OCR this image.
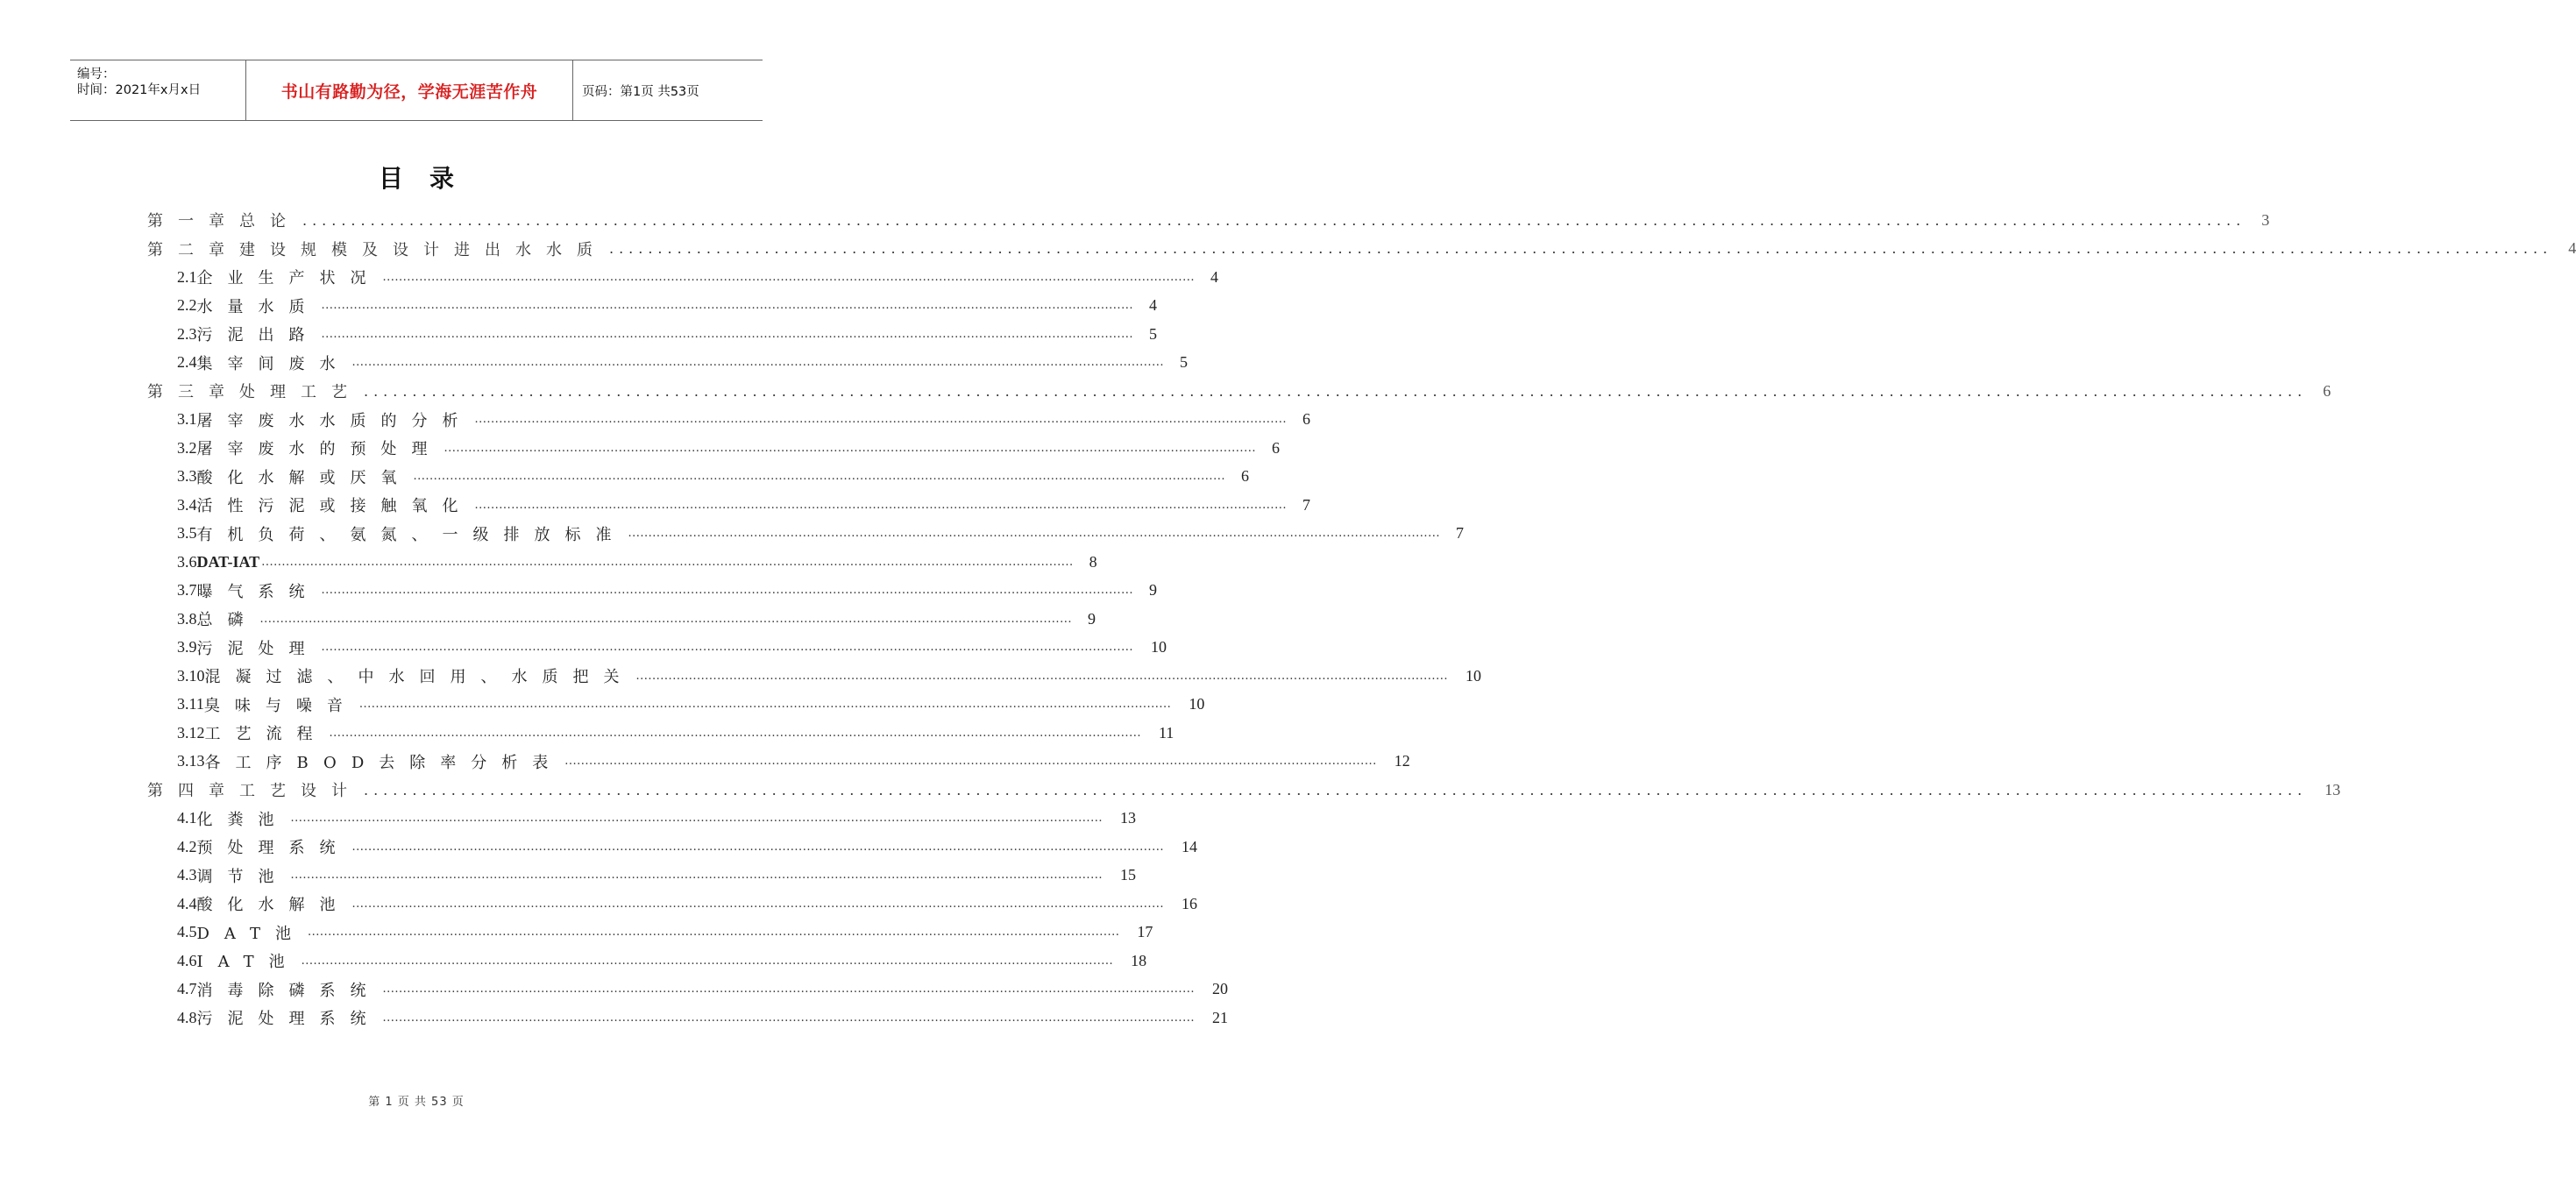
编号：
时间：2021年x月x日	书山有路勤为径，学海无涯苦作舟	页码：第1页 共53页
目录
第一章 总论 ........................................................................................................................................................................................................ 3
第二章 建设规模及设计进出水水质 ........................................................................................................................................................................................................ 4
2.1 企业生产状况 ........................................................................................................................................................................................................ 4
2.2 水量水质 ........................................................................................................................................................................................................ 4
2.3 污泥出路 ........................................................................................................................................................................................................ 5
2.4 集宰间废水 ........................................................................................................................................................................................................ 5
第三章 处理工艺 ........................................................................................................................................................................................................ 6
3.1 屠宰废水水质的分析 ........................................................................................................................................................................................................ 6
3.2 屠宰废水的预处理 ........................................................................................................................................................................................................ 6
3.3 酸化水解或厌氧 ........................................................................................................................................................................................................ 6
3.4 活性污泥或接触氧化 ........................................................................................................................................................................................................ 7
3.5 有机负荷、氨氮、一级排放标准 ........................................................................................................................................................................................................ 7
3.6 DAT-IAT ........................................................................................................................................................................................................ 8
3.7 曝气系统 ........................................................................................................................................................................................................ 9
3.8 总磷 ........................................................................................................................................................................................................ 9
3.9 污泥处理 ........................................................................................................................................................................................................ 10
3.10 混凝过滤、中水回用、水质把关 ........................................................................................................................................................................................................ 10
3.11 臭味与噪音 ........................................................................................................................................................................................................ 10
3.12 工艺流程 ........................................................................................................................................................................................................ 11
3.13 各工序BOD去除率分析表 ........................................................................................................................................................................................................ 12
第四章 工艺设计 ........................................................................................................................................................................................................ 13
4.1 化粪池 ........................................................................................................................................................................................................ 13
4.2 预处理系统 ........................................................................................................................................................................................................ 14
4.3 调节池 ........................................................................................................................................................................................................ 15
4.4 酸化水解池 ........................................................................................................................................................................................................ 16
4.5 DAT池 ........................................................................................................................................................................................................ 17
4.6 IAT池 ........................................................................................................................................................................................................ 18
4.7 消毒除磷系统 ........................................................................................................................................................................................................ 20
4.8 污泥处理系统 ........................................................................................................................................................................................................ 21
第 1 页 共 53 页
